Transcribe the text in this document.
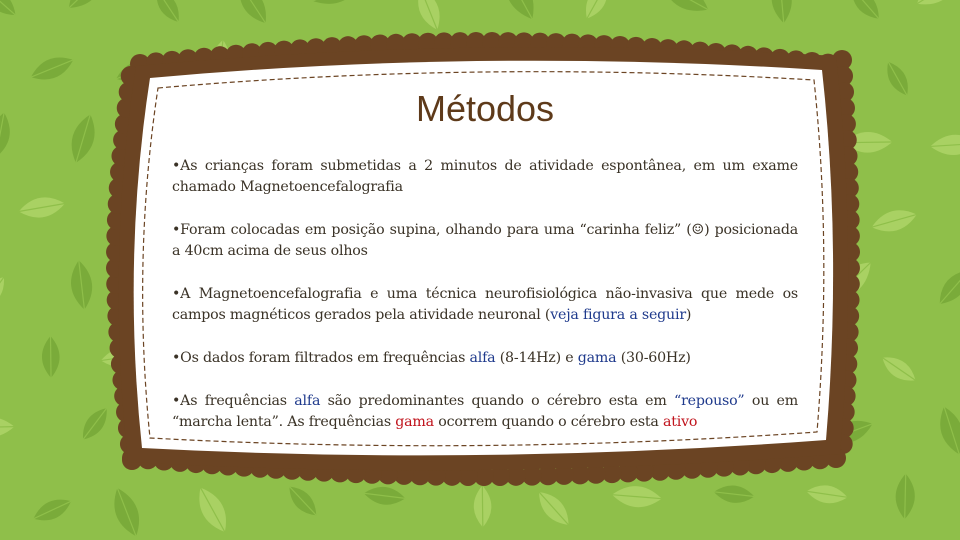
Métodos
•As crianças foram submetidas a 2 minutos de atividade espontânea, em um exame chamado Magnetoencefalografia
•Foram colocadas em posição supina, olhando para uma “carinha feliz” (☺) posicionada a 40cm acima de seus olhos
•A Magnetoencefalografia e uma técnica neurofisiológica não-invasiva que mede os campos magnéticos gerados pela atividade neuronal (veja figura a seguir)
•Os dados foram filtrados em frequências alfa (8-14Hz) e gama (30-60Hz)
•As frequências alfa são predominantes quando o cérebro esta em “repouso” ou em “marcha lenta”. As frequências gama ocorrem quando o cérebro esta ativo
